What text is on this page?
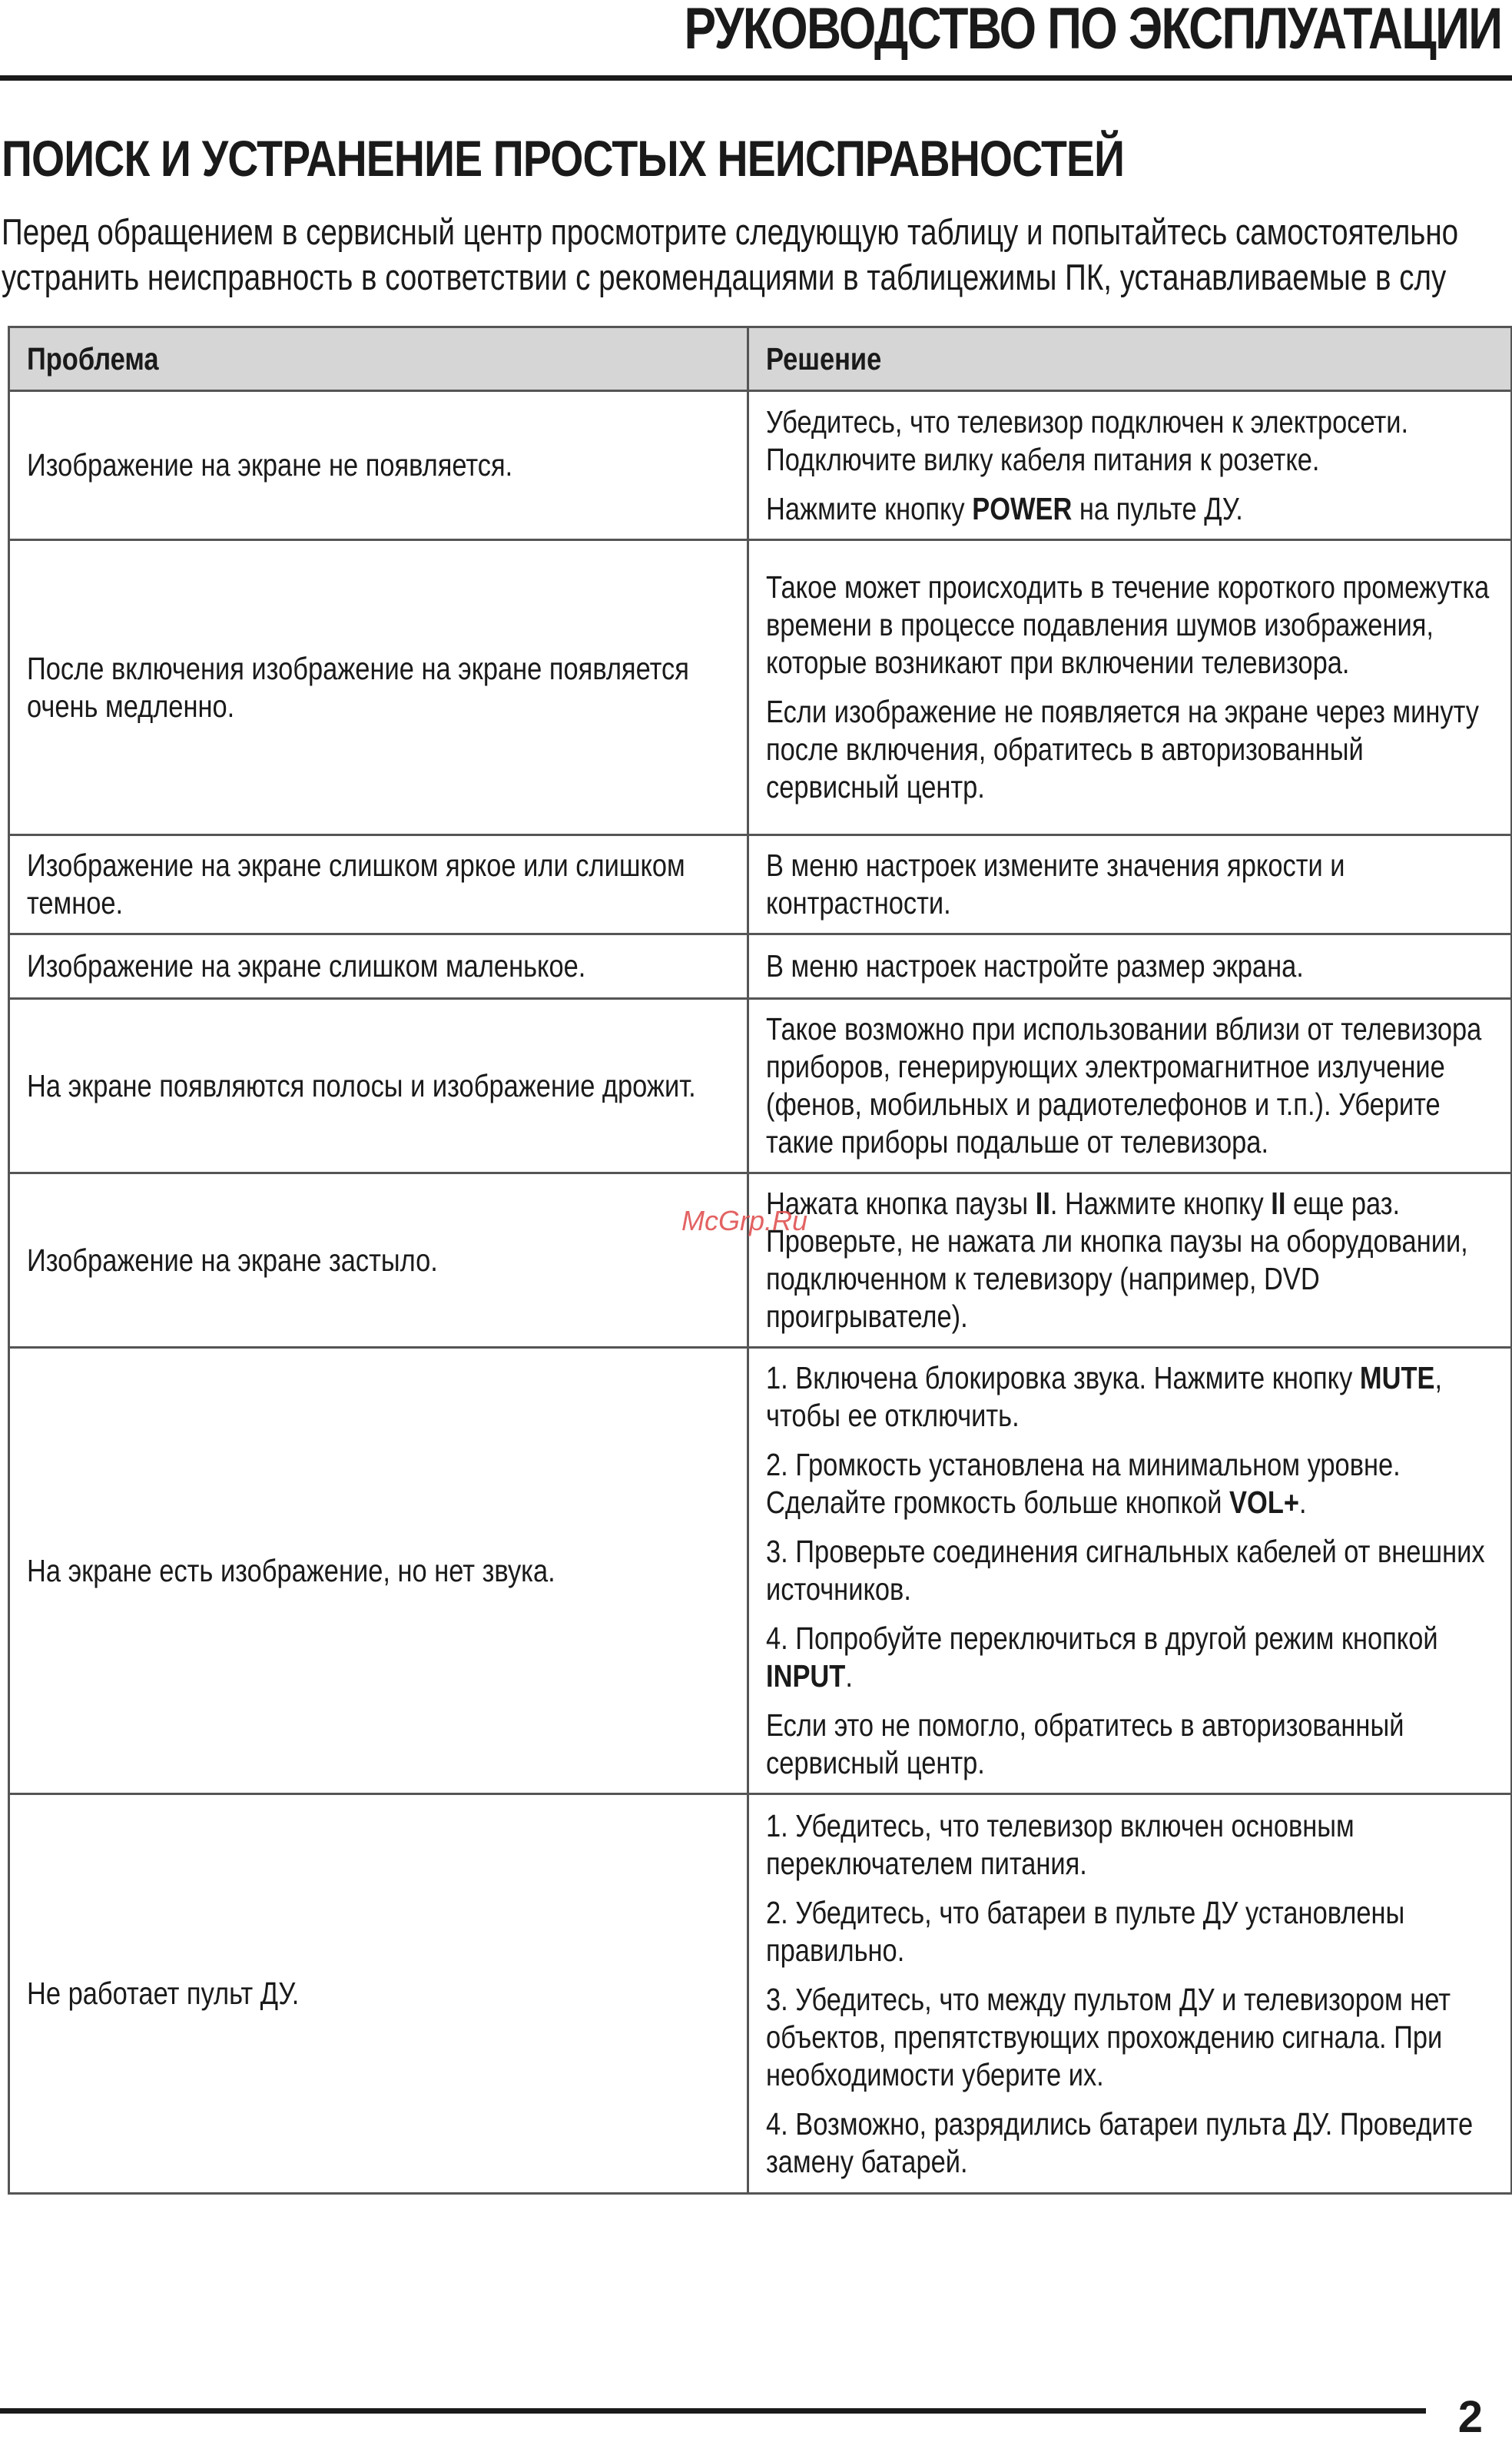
РУКОВОДСТВО ПО ЭКСПЛУАТАЦИИ
ПОИСК И УСТРАНЕНИЕ ПРОСТЫХ НЕИСПРАВНОСТЕЙ
Перед обращением в сервисный центр просмотрите следующую таблицу и попытайтесь самостоятельно
устранить неисправность в соответствии с рекомендациями в таблицежимы ПК, устанавливаемые в слу
Проблема	Решение

Изображение на экране не появляется.	Убедитесь, что телевизор подключен к электросети. Подключите вилку кабеля питания к розетке.

Нажмите кнопку POWER на пульте ДУ.

После включения изображение на экране появляется очень медленно.	Такое может происходить в течение короткого промежутка времени в процессе подавления шумов изображения, которые возникают при включении телевизора.

Если изображение не появляется на экране через минуту после включения, обратитесь в авторизованный сервисный центр.

Изображение на экране слишком яркое или слишком темное.	В меню настроек измените значения яркости и контрастности.

Изображение на экране слишком маленькое.	В меню настроек настройте размер экрана.

На экране появляются полосы и изображение дрожит.	Такое возможно при использовании вблизи от телевизора приборов, генерирующих электромагнитное излучение (фенов, мобильных и радиотелефонов и т.п.). Уберите такие приборы подальше от телевизора.

Изображение на экране застыло.	Нажата кнопка паузы II. Нажмите кнопку II еще раз. Проверьте, не нажата ли кнопка паузы на оборудовании, подключенном к телевизору (например, DVD проигрывателе).

На экране есть изображение, но нет звука.	1. Включена блокировка звука. Нажмите кнопку MUTE, чтобы ее отключить.

2. Громкость установлена на минимальном уровне. Сделайте громкость больше кнопкой VOL+.

3. Проверьте соединения сигнальных кабелей от внешних источников.

4. Попробуйте переключиться в другой режим кнопкой INPUT.

Если это не помогло, обратитесь в авторизованный сервисный центр.

Не работает пульт ДУ.	1. Убедитесь, что телевизор включен основным переключателем питания.

2. Убедитесь, что батареи в пульте ДУ установлены правильно.

3. Убедитесь, что между пультом ДУ и телевизором нет объектов, препятствующих прохождению сигнала. При необходимости уберите их.

4. Возможно, разрядились батареи пульта ДУ. Проведите замену батарей.

McGrp.Ru

2
